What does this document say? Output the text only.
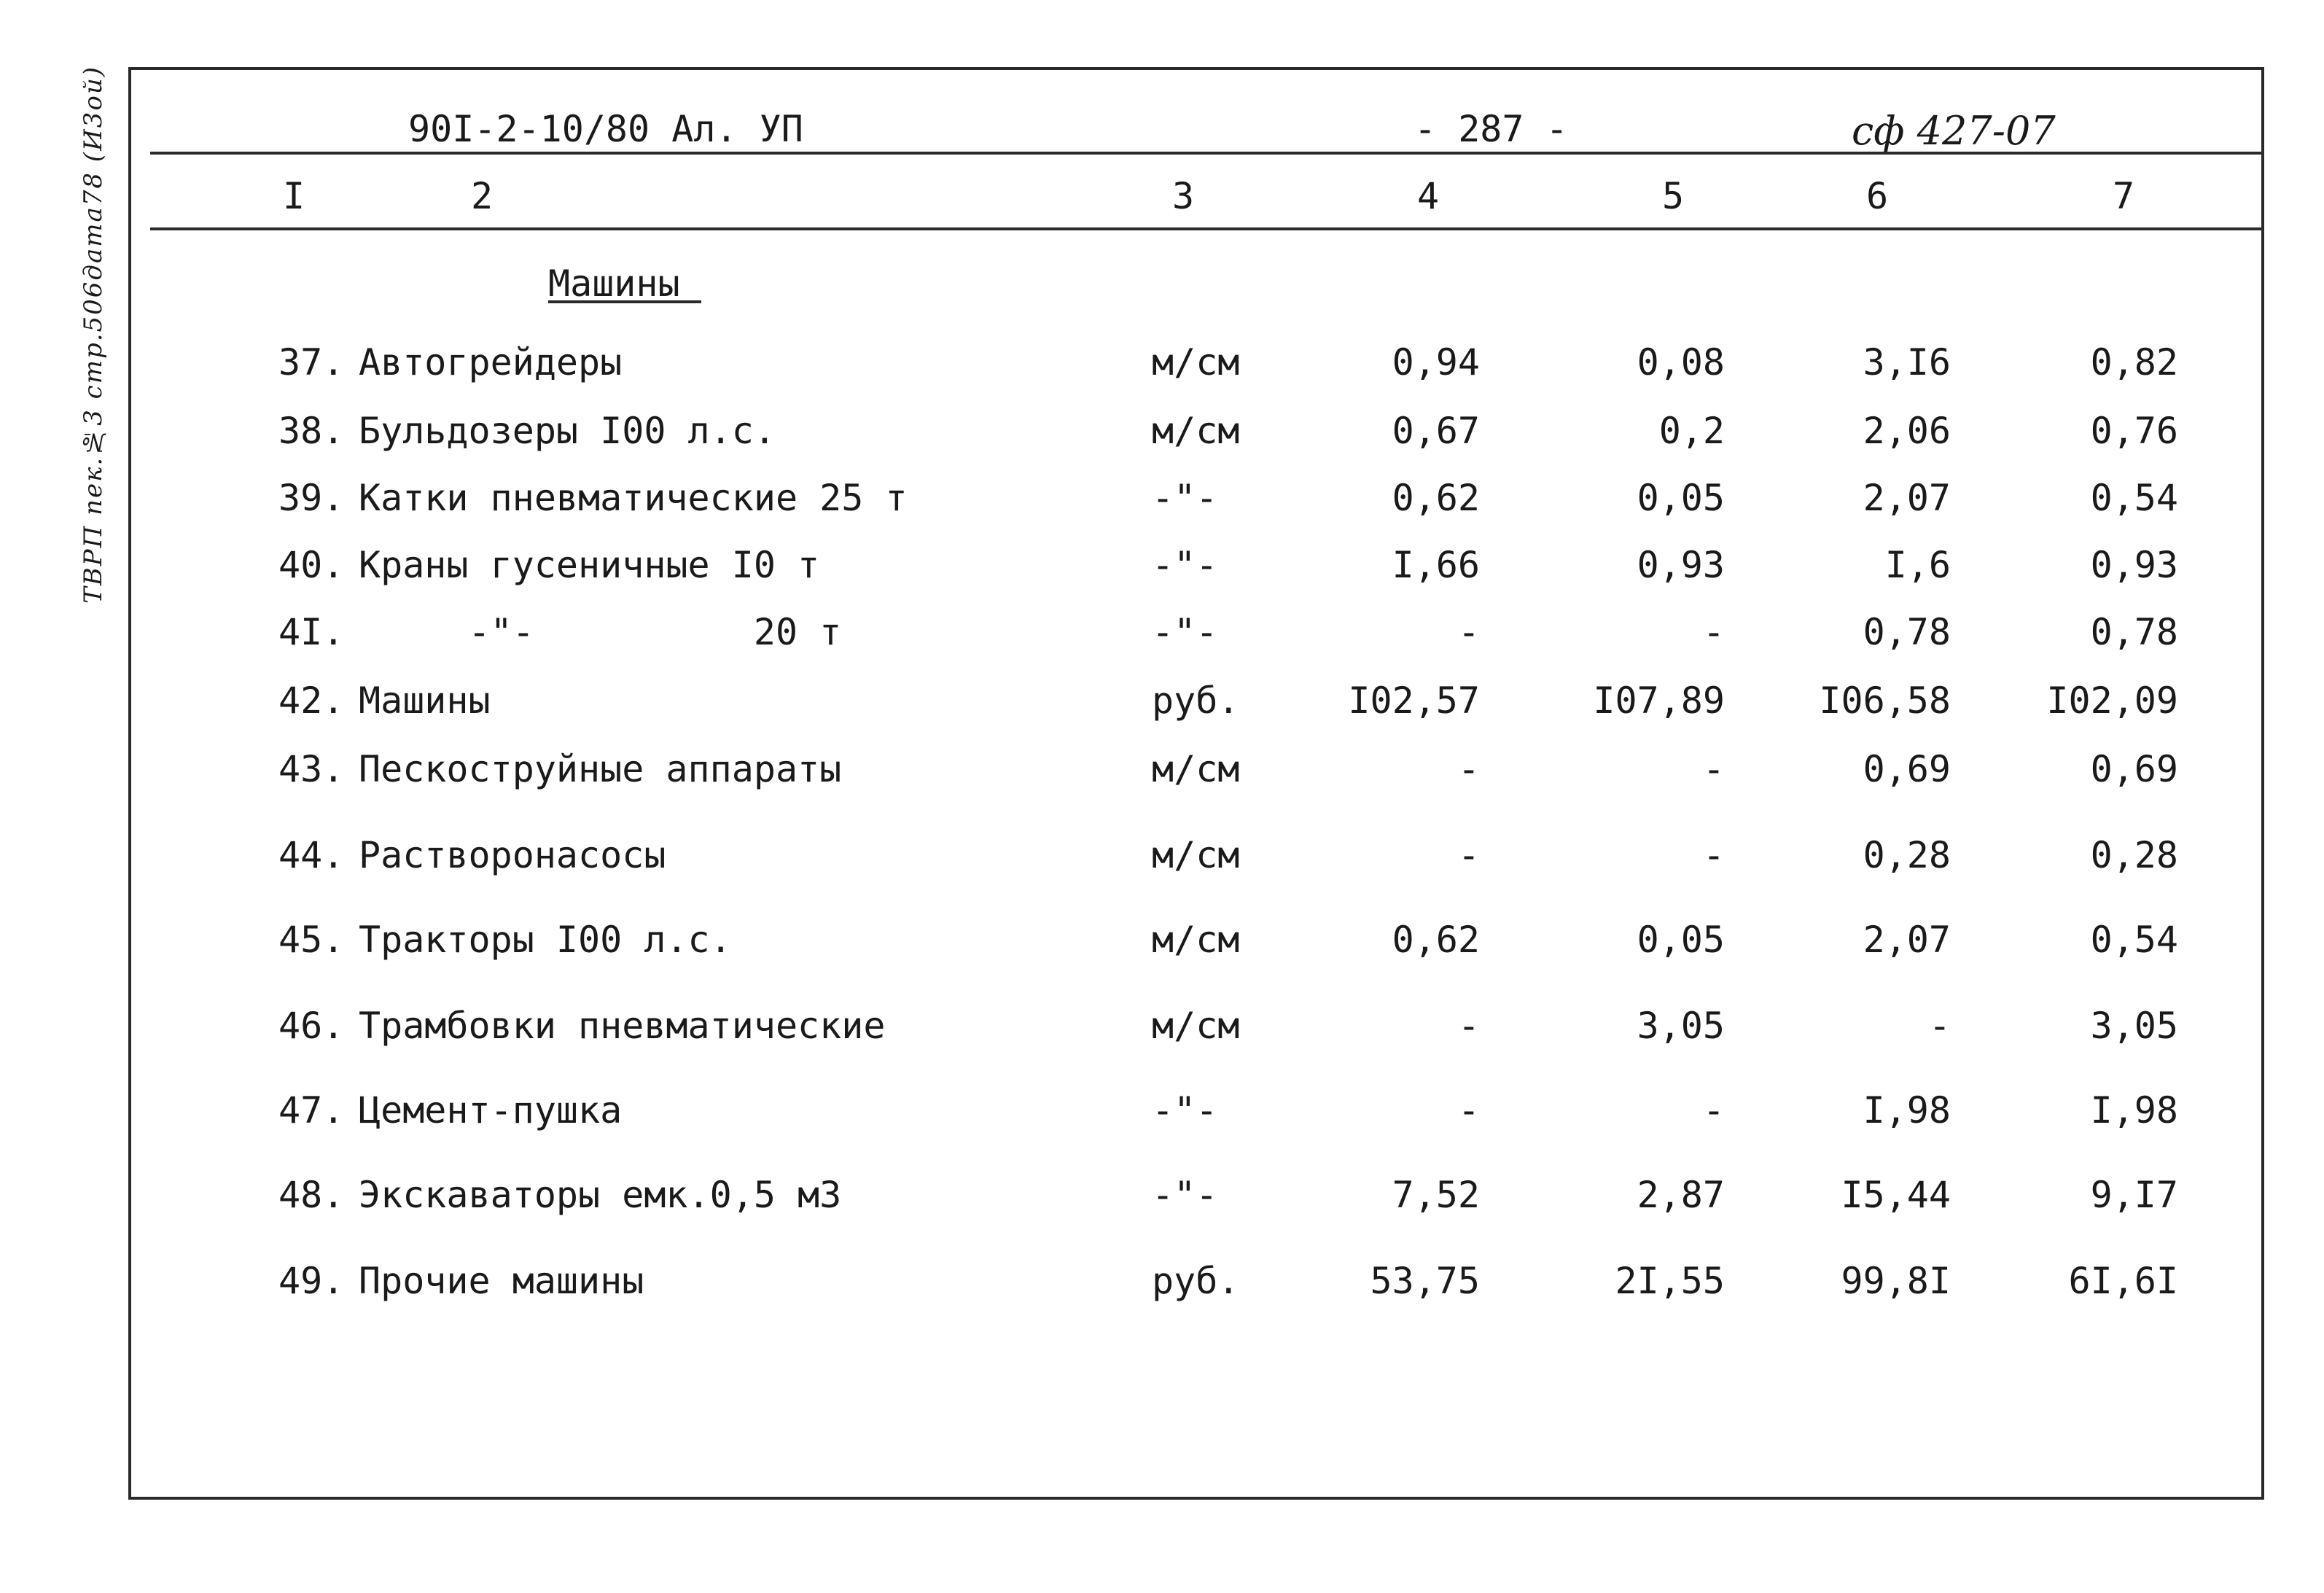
ТВРП пек.№3 стр.506дата78 (И3ой)	90I-2-10/80 Ал. УП	- 287 -	сф 427-07
I	2	3	4	5	6	7
Машины
37. Автогрейдеры	м/см	0,94	0,08	3,I6	0,82
38. Бульдозеры I00 л.с.	м/см	0,67	0,2	2,06	0,76
39. Катки пневматические 25 т	-"-	0,62	0,05	2,07	0,54
40. Краны гусеничные I0 т	-"-	I,66	0,93	I,6	0,93
4I. -"-          20 т	-"-	-	-	0,78	0,78
42. Машины	руб.	I02,57	I07,89	I06,58	I02,09
43. Пескоструйные аппараты	м/см	-	-	0,69	0,69
44. Растворонасосы	м/см	-	-	0,28	0,28
45. Тракторы I00 л.с.	м/см	0,62	0,05	2,07	0,54
46. Трамбовки пневматические	м/см	-	3,05	-	3,05
47. Цемент-пушка	-"-	-	-	I,98	I,98
48. Экскаваторы емк.0,5 м3	-"-	7,52	2,87	I5,44	9,I7
49. Прочие машины	руб.	53,75	2I,55	99,8I	6I,6I
